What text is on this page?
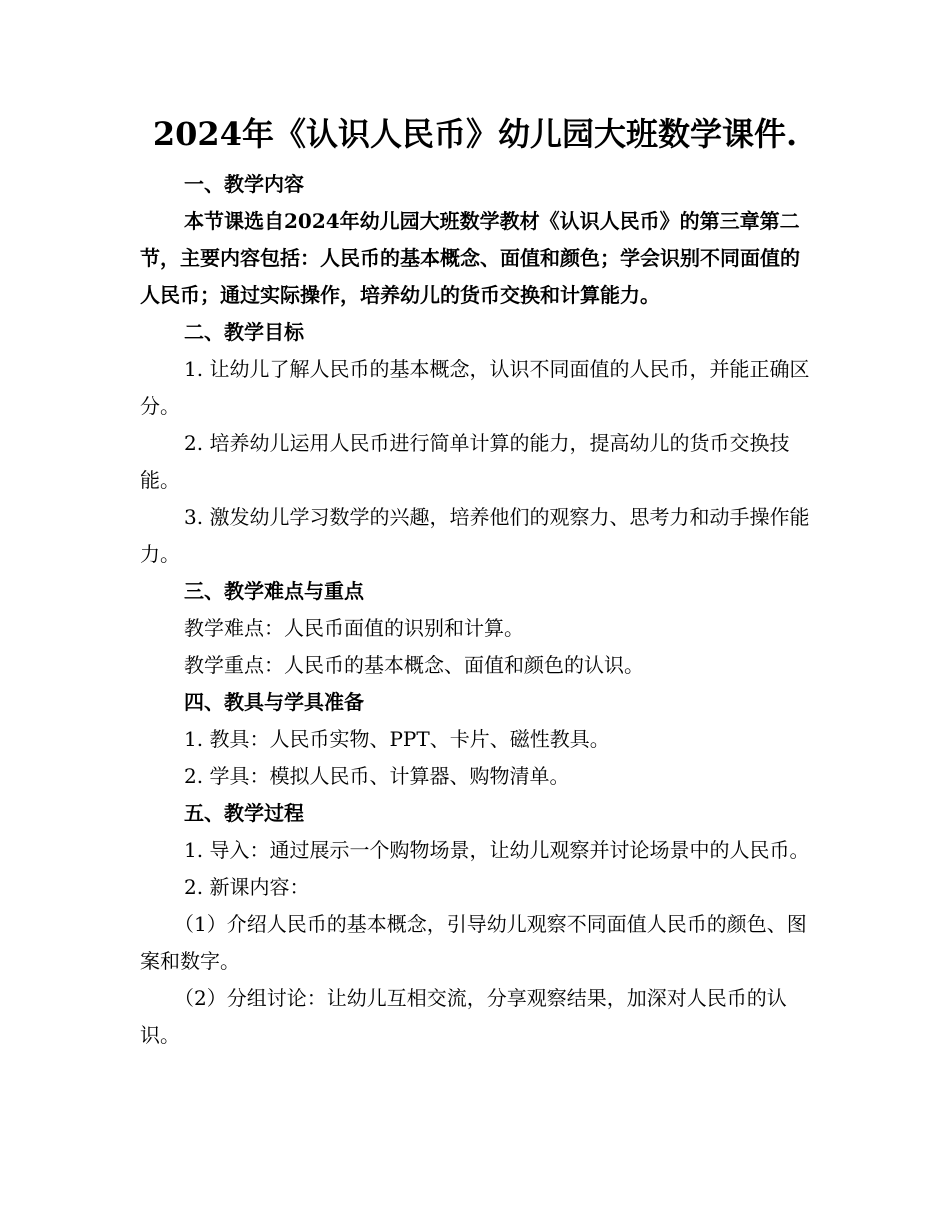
2024年《认识人民币》幼儿园大班数学课件.

一、教学内容

本节课选自2024年幼儿园大班数学教材《认识人民币》的第三章第二节，主要内容包括：人民币的基本概念、面值和颜色；学会识别不同面值的人民币；通过实际操作，培养幼儿的货币交换和计算能力。

二、教学目标

1. 让幼儿了解人民币的基本概念，认识不同面值的人民币，并能正确区分。

2. 培养幼儿运用人民币进行简单计算的能力，提高幼儿的货币交换技能。

3. 激发幼儿学习数学的兴趣，培养他们的观察力、思考力和动手操作能力。

三、教学难点与重点

教学难点：人民币面值的识别和计算。

教学重点：人民币的基本概念、面值和颜色的认识。

四、教具与学具准备

1. 教具：人民币实物、PPT、卡片、磁性教具。

2. 学具：模拟人民币、计算器、购物清单。

五、教学过程

1. 导入：通过展示一个购物场景，让幼儿观察并讨论场景中的人民币。

2. 新课内容：

（1）介绍人民币的基本概念，引导幼儿观察不同面值人民币的颜色、图案和数字。

（2）分组讨论：让幼儿互相交流，分享观察结果，加深对人民币的认识。
